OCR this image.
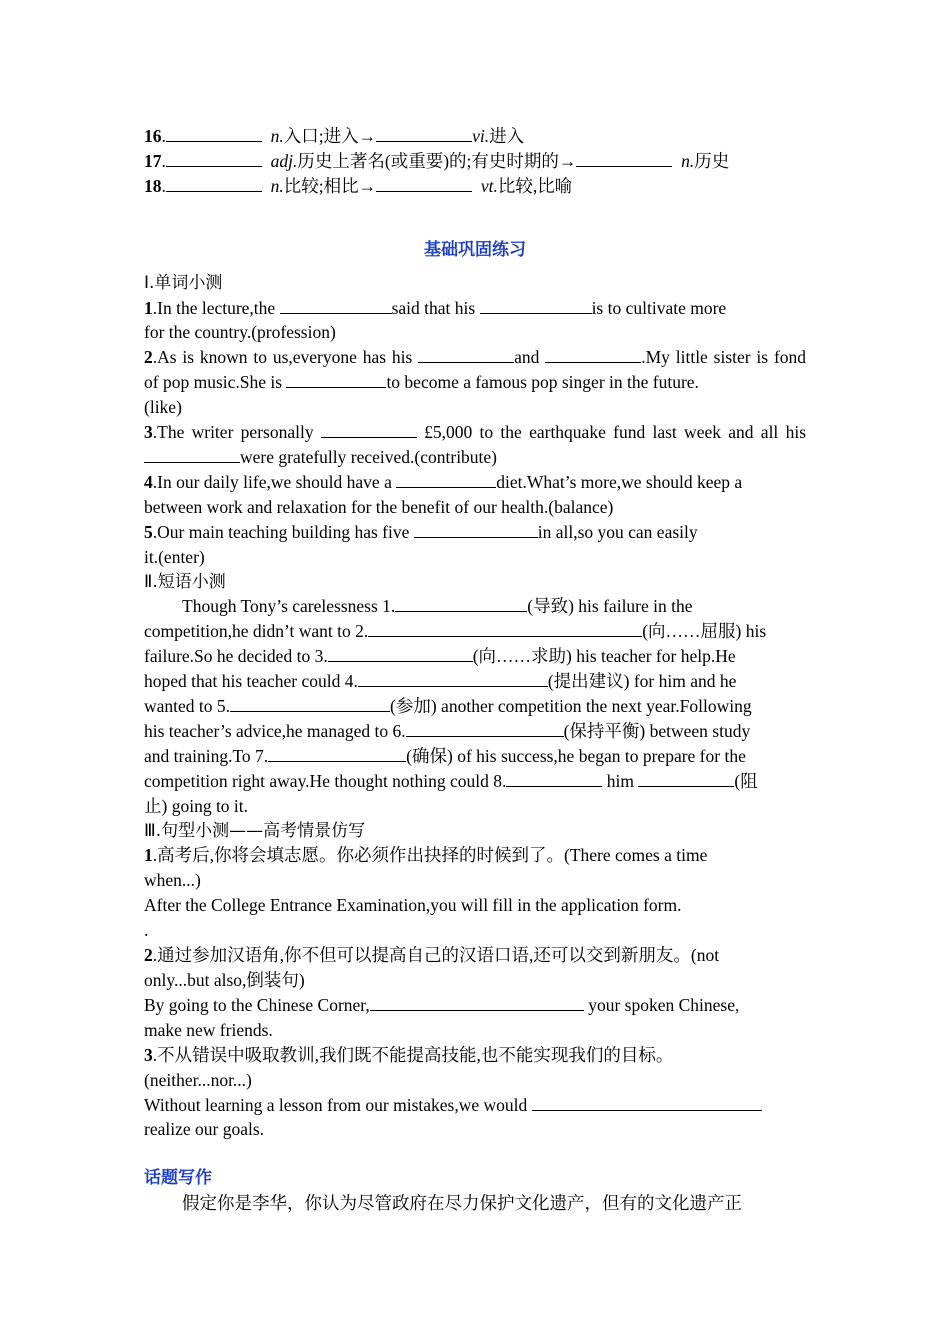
16.	n.入口;进入→	vi.进入
17.	adj.历史上著名(或重要)的;有史时期的→	n.历史
18.	n.比较;相比→	vt.比较,比喻
基础巩固练习
Ⅰ.单词小测
1.In the lecture,the	said that his	is to cultivate more
for the country.(profession)
2.As is known to us,everyone has his	and	.My little sister is fond of pop music.She is	to become a famous pop singer in the future.
(like)
3.The writer personally	£5,000 to the earthquake fund last week and all his were gratefully received.(contribute)
4.In our daily life,we should have a	diet.What’s more,we should keep a
between work and relaxation for the benefit of our health.(balance)
5.Our main teaching building has five	in all,so you can easily
it.(enter)
Ⅱ.短语小测
Though Tony’s carelessness 1.	(导致) his failure in the
competition,he didn’t want to 2.	(向……屈服) his
failure.So he decided to 3.	(向……求助) his teacher for help.He
hoped that his teacher could 4.	(提出建议) for him and he
wanted to 5.	(参加) another competition the next year.Following
his teacher’s advice,he managed to 6.	(保持平衡) between study
and training.To 7.	(确保) of his success,he began to prepare for the
competition right away.He thought nothing could 8.	him	(阻
止) going to it.
Ⅲ.句型小测——高考情景仿写
1.高考后,你将会填志愿。你必须作出抉择的时候到了。(There comes a time
when...)
After the College Entrance Examination,you will fill in the application form.
.
2.通过参加汉语角,你不但可以提高自己的汉语口语,还可以交到新朋友。(not
only...but also,倒装句)
By going to the Chinese Corner,	your spoken Chinese,
make new friends.
3.不从错误中吸取教训,我们既不能提高技能,也不能实现我们的目标。
(neither...nor...)
Without learning a lesson from our mistakes,we would
realize our goals.
话题写作
假定你是李华，你认为尽管政府在尽力保护文化遗产，但有的文化遗产正
